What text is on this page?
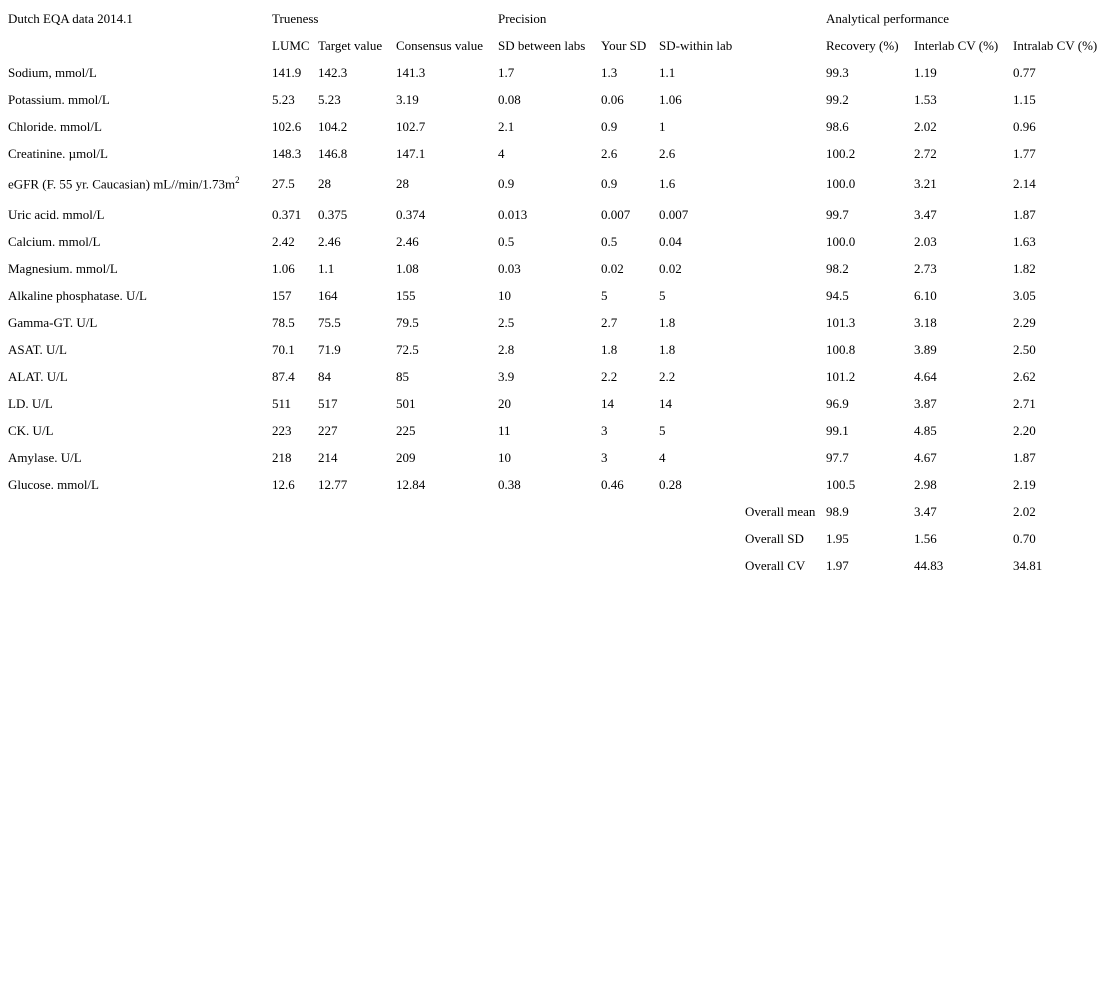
Dutch EQA data 2014.1	Trueness			Precision				Analytical performance		
	LUMC	Target value	Consensus value	SD between labs	Your SD	SD-within lab		Recovery (%)	Interlab CV (%)	Intralab CV (%)
Sodium, mmol/L	141.9	142.3	141.3	1.7	1.3	1.1		99.3	1.19	0.77
Potassium. mmol/L	5.23	5.23	3.19	0.08	0.06	1.06		99.2	1.53	1.15
Chloride. mmol/L	102.6	104.2	102.7	2.1	0.9	1		98.6	2.02	0.96
Creatinine. µmol/L	148.3	146.8	147.1	4	2.6	2.6		100.2	2.72	1.77
eGFR (F. 55 yr. Caucasian) $mL//\min/1.73m^2$	27.5	28	28	0.9	0.9	1.6		100.0	3.21	2.14
Uric acid. mmol/L	0.371	0.375	0.374	0.013	0.007	0.007		99.7	3.47	1.87
Calcium. mmol/L	2.42	2.46	2.46	0.5	0.5	0.04		100.0	2.03	1.63
Magnesium. mmol/L	1.06	1.1	1.08	0.03	0.02	0.02		98.2	2.73	1.82
Alkaline phosphatase. U/L	157	164	155	10	5	5		94.5	6.10	3.05
Gamma-GT. U/L	78.5	75.5	79.5	2.5	2.7	1.8		101.3	3.18	2.29
ASAT. U/L	70.1	71.9	72.5	2.8	1.8	1.8		100.8	3.89	2.50
ALAT. U/L	87.4	84	85	3.9	2.2	2.2		101.2	4.64	2.62
LD. U/L	511	517	501	20	14	14		96.9	3.87	2.71
CK. U/L	223	227	225	11	3	5		99.1	4.85	2.20
Amylase. U/L	218	214	209	10	3	4		97.7	4.67	1.87
Glucose. mmol/L	12.6	12.77	12.84	0.38	0.46	0.28		100.5	2.98	2.19
							Overall mean	98.9	3.47	2.02
							Overall SD	1.95	1.56	0.70
							Overall CV	1.97	44.83	34.81
